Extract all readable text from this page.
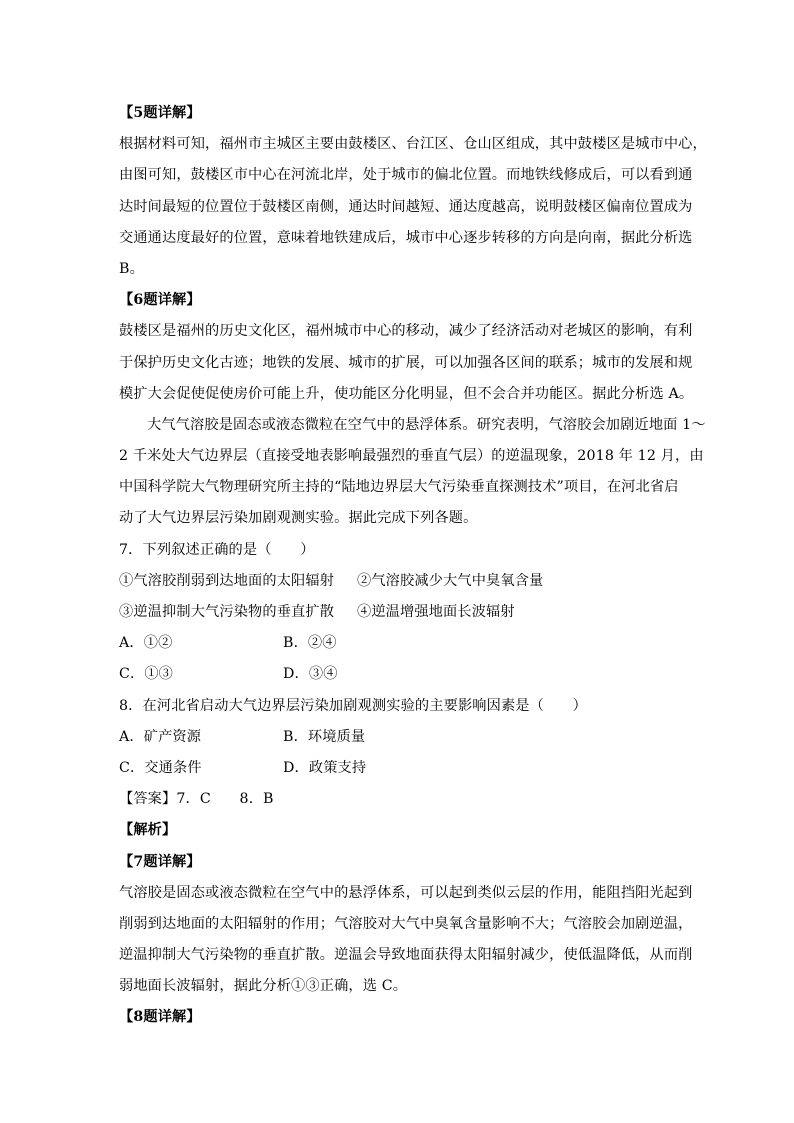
【5题详解】
根据材料可知，福州市主城区主要由鼓楼区、台江区、仓山区组成，其中鼓楼区是城市中心，
由图可知，鼓楼区市中心在河流北岸，处于城市的偏北位置。而地铁线修成后，可以看到通
达时间最短的位置位于鼓楼区南侧，通达时间越短、通达度越高，说明鼓楼区偏南位置成为
交通通达度最好的位置，意味着地铁建成后，城市中心逐步转移的方向是向南，据此分析选
B。
【6题详解】
鼓楼区是福州的历史文化区，福州城市中心的移动，减少了经济活动对老城区的影响，有利
于保护历史文化古迹；地铁的发展、城市的扩展，可以加强各区间的联系；城市的发展和规
模扩大会促使促使房价可能上升，使功能区分化明显，但不会合并功能区。据此分析选 A。
大气气溶胶是固态或液态微粒在空气中的悬浮体系。研究表明，气溶胶会加剧近地面 1～
2 千米处大气边界层（直接受地表影响最强烈的垂直气层）的逆温现象，2018 年 12 月，由
中国科学院大气物理研究所主持的“陆地边界层大气污染垂直探测技术”项目，在河北省启
动了大气边界层污染加剧观测实验。据此完成下列各题。
7．下列叙述正确的是（　　）
①气溶胶削弱到达地面的太阳辐射	②气溶胶减少大气中臭氧含量
③逆温抑制大气污染物的垂直扩散	④逆温增强地面长波辐射
A．①②	B．②④
C．①③	D．③④
8．在河北省启动大气边界层污染加剧观测实验的主要影响因素是（　　）
A．矿产资源	B．环境质量
C．交通条件	D．政策支持
【答案】7．C　　8．B
【解析】
【7题详解】
气溶胶是固态或液态微粒在空气中的悬浮体系，可以起到类似云层的作用，能阻挡阳光起到
削弱到达地面的太阳辐射的作用；气溶胶对大气中臭氧含量影响不大；气溶胶会加剧逆温，
逆温抑制大气污染物的垂直扩散。逆温会导致地面获得太阳辐射减少，使低温降低，从而削
弱地面长波辐射，据此分析①③正确，选 C。
【8题详解】
